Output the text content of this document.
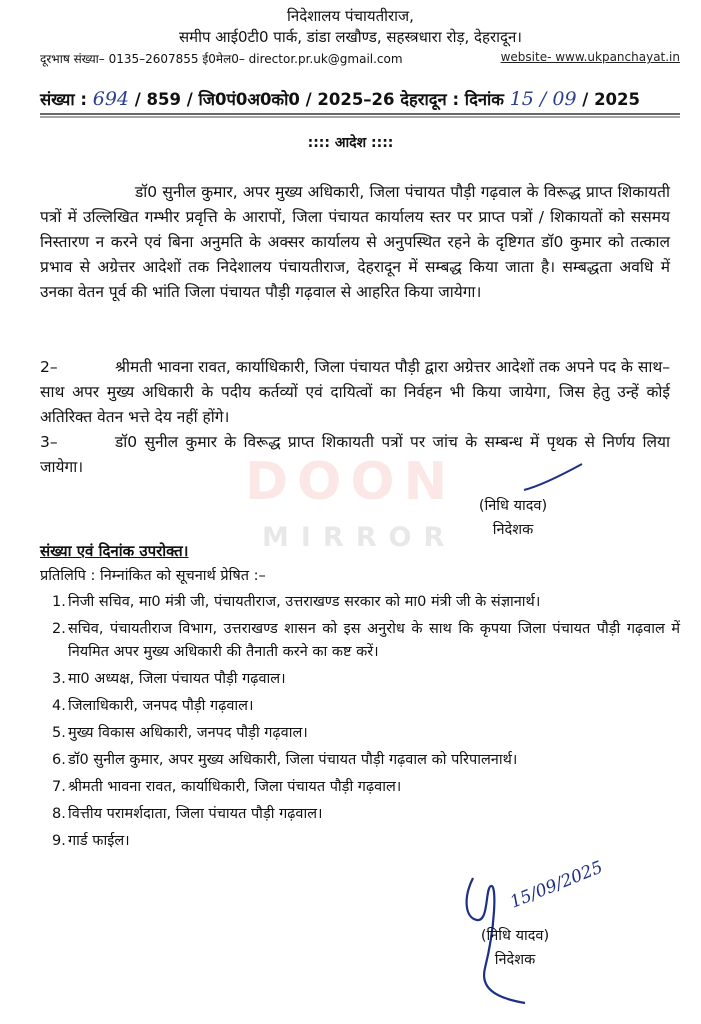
निदेशालय पंचायतीराज,
समीप आई0टी0 पार्क, डांडा लखौण्ड, सहस्त्रधारा रोड़, देहरादून।
दूरभाष संख्या– 0135–2607855 ई0मेल0– director.pr.uk@gmail.com	website- www.ukpanchayat.in
संख्या : 694 / 859 / जि0पं0अ0को0 / 2025–26 देहरादून : दिनांक 15 / 09 / 2025
:::: आदेश ::::
डॉ0 सुनील कुमार, अपर मुख्य अधिकारी, जिला पंचायत पौड़ी गढ़वाल के विरूद्ध प्राप्त शिकायती पत्रों में उल्लिखित गम्भीर प्रवृत्ति के आरापों, जिला पंचायत कार्यालय स्तर पर प्राप्त पत्रों / शिकायतों को ससमय निस्तारण न करने एवं बिना अनुमति के अक्सर कार्यालय से अनुपस्थित रहने के दृष्टिगत डॉ0 कुमार को तत्काल प्रभाव से अग्रेत्तर आदेशों तक निदेशालय पंचायतीराज, देहरादून में सम्बद्ध किया जाता है। सम्बद्धता अवधि में उनका वेतन पूर्व की भांति जिला पंचायत पौड़ी गढ़वाल से आहरित किया जायेगा।
2–	श्रीमती भावना रावत, कार्याधिकारी, जिला पंचायत पौड़ी द्वारा अग्रेत्तर आदेशों तक अपने पद के साथ–साथ अपर मुख्य अधिकारी के पदीय कर्तव्यों एवं दायित्वों का निर्वहन भी किया जायेगा, जिस हेतु उन्हें कोई अतिरिक्त वेतन भत्ते देय नहीं होंगे।
3–	डॉ0 सुनील कुमार के विरूद्ध प्राप्त शिकायती पत्रों पर जांच के सम्बन्ध में पृथक से निर्णय लिया जायेगा।	DOON
MIRROR
(निधि यादव)
निदेशक
संख्या एवं दिनांक उपरोक्त।
प्रतिलिपि : निम्नांकित को सूचनार्थ प्रेषित :–
1. निजी सचिव, मा0 मंत्री जी, पंचायतीराज, उत्तराखण्ड सरकार को मा0 मंत्री जी के संज्ञानार्थ।
2. सचिव, पंचायतीराज विभाग, उत्तराखण्ड शासन को इस अनुरोध के साथ कि कृपया जिला पंचायत पौड़ी गढ़वाल में नियमित अपर मुख्य अधिकारी की तैनाती करने का कष्ट करें।
3. मा0 अध्यक्ष, जिला पंचायत पौड़ी गढ़वाल।
4. जिलाधिकारी, जनपद पौड़ी गढ़वाल।
5. मुख्य विकास अधिकारी, जनपद पौड़ी गढ़वाल।
6. डॉ0 सुनील कुमार, अपर मुख्य अधिकारी, जिला पंचायत पौड़ी गढ़वाल को परिपालनार्थ।
7. श्रीमती भावना रावत, कार्याधिकारी, जिला पंचायत पौड़ी गढ़वाल।
8. वित्तीय परामर्शदाता, जिला पंचायत पौड़ी गढ़वाल।
9. गार्ड फाईल।
15/09/2025
(निधि यादव)
निदेशक
